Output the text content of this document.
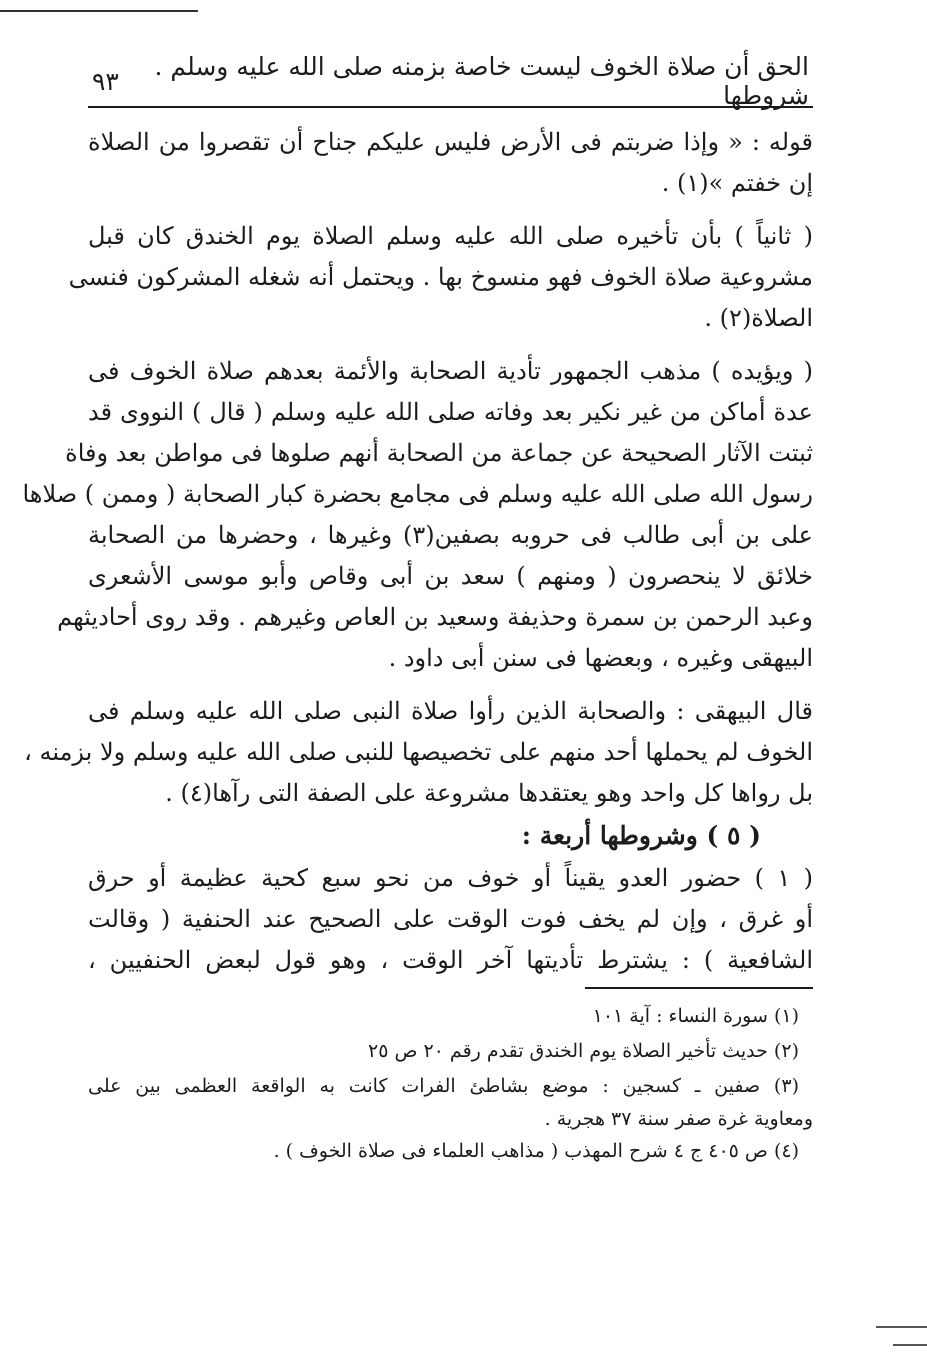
الحق أن صلاة الخوف ليست خاصة بزمنه صلى الله عليه وسلم . شروطها
٩٣
قوله : « وإذا ضربتم فى الأرض فليس عليكم جناح أن تقصروا من الصلاة
إن خفتم »(١) .
( ثانياً ) بأن تأخيره صلى الله عليه وسلم الصلاة يوم الخندق كان قبل
مشروعية صلاة الخوف فهو منسوخ بها . ويحتمل أنه شغله المشركون فنسى
الصلاة(٢) .
( ويؤيده ) مذهب الجمهور تأدية الصحابة والأئمة بعدهم صلاة الخوف فى
عدة أماكن من غير نكير بعد وفاته صلى الله عليه وسلم ( قال ) النووى قد
ثبتت الآثار الصحيحة عن جماعة من الصحابة أنهم صلوها فى مواطن بعد وفاة
رسول الله صلى الله عليه وسلم فى مجامع بحضرة كبار الصحابة ( وممن ) صلاها
على بن أبى طالب فى حروبه بصفين(٣) وغيرها ، وحضرها من الصحابة
خلائق لا ينحصرون ( ومنهم ) سعد بن أبى وقاص وأبو موسى الأشعرى
وعبد الرحمن بن سمرة وحذيفة وسعيد بن العاص وغيرهم . وقد روى أحاديثهم
البيهقى وغيره ، وبعضها فى سنن أبى داود .
قال البيهقى : والصحابة الذين رأوا صلاة النبى صلى الله عليه وسلم فى
الخوف لم يحملها أحد منهم على تخصيصها للنبى صلى الله عليه وسلم ولا بزمنه ،
بل رواها كل واحد وهو يعتقدها مشروعة على الصفة التى رآها(٤) .
( ٥ ) وشروطها أربعة :
( ١ ) حضور العدو يقيناً أو خوف من نحو سبع كحية عظيمة أو حرق
أو غرق ، وإن لم يخف فوت الوقت على الصحيح عند الحنفية ( وقالت
الشافعية ) : يشترط تأديتها آخر الوقت ، وهو قول لبعض الحنفيين ،
(١) سورة النساء : آية ١٠١
(٢) حديث تأخير الصلاة يوم الخندق تقدم رقم ٢٠ ص ٢٥
(٣) صفين ـ كسجين : موضع بشاطئ الفرات كانت به الواقعة العظمى بين على
ومعاوية غرة صفر سنة ٣٧ هجرية .
(٤) ص ٤٠٥ ج ٤ شرح المهذب ( مذاهب العلماء فى صلاة الخوف ) .
